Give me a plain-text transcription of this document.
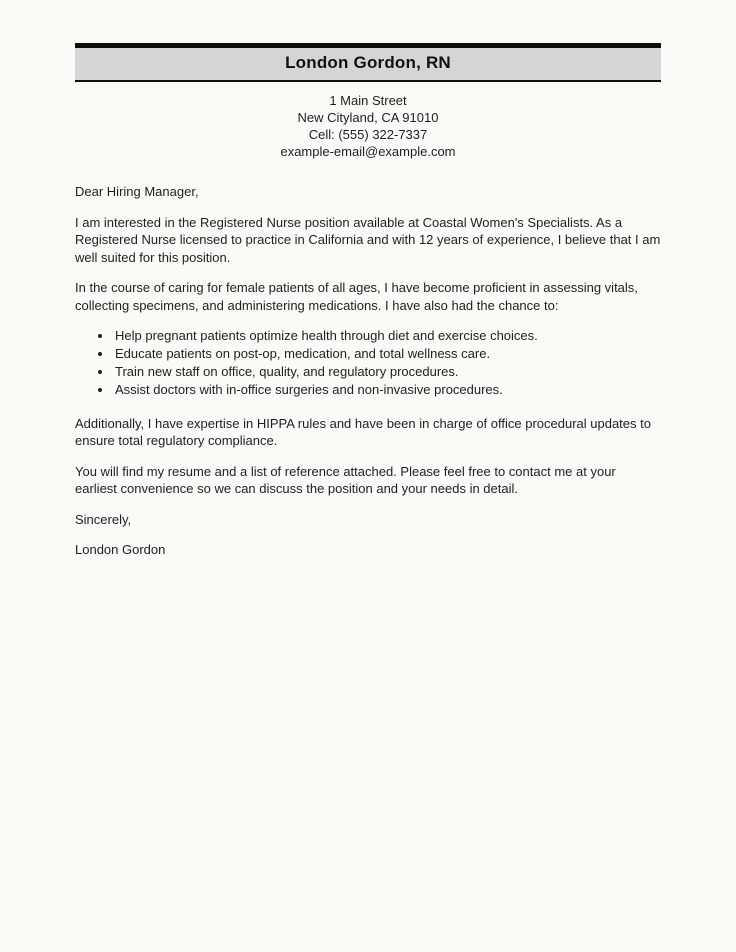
London Gordon, RN
1 Main Street
New Cityland, CA 91010
Cell: (555) 322-7337
example-email@example.com

Dear Hiring Manager,

I am interested in the Registered Nurse position available at Coastal Women's Specialists. As a Registered Nurse licensed to practice in California and with 12 years of experience, I believe that I am well suited for this position.

In the course of caring for female patients of all ages, I have become proficient in assessing vitals, collecting specimens, and administering medications. I have also had the chance to:

• Help pregnant patients optimize health through diet and exercise choices.
• Educate patients on post-op, medication, and total wellness care.
• Train new staff on office, quality, and regulatory procedures.
• Assist doctors with in-office surgeries and non-invasive procedures.

Additionally, I have expertise in HIPPA rules and have been in charge of office procedural updates to ensure total regulatory compliance.

You will find my resume and a list of reference attached. Please feel free to contact me at your earliest convenience so we can discuss the position and your needs in detail.

Sincerely,

London Gordon
